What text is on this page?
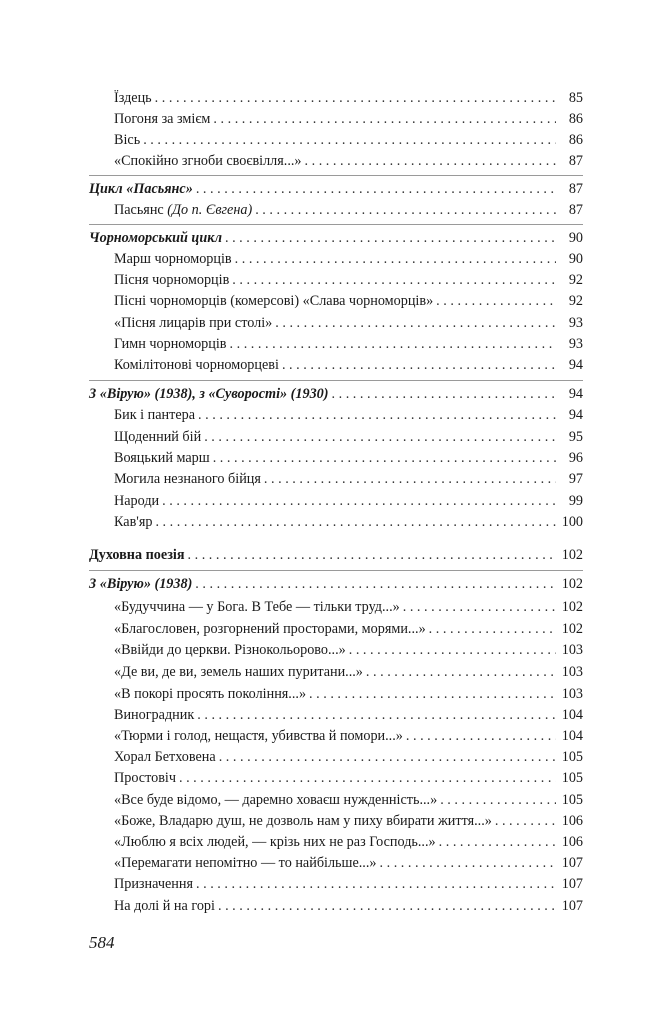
Їздець . . .	85
Погоня за змієм . . .	86
Вісь . . .	86
«Спокійно згноби своєвілля...» . . .	87
Цикл «Пасьянс» . . .	87
Пасьянс (До п. Євгена) . . .	87
Чорноморський цикл . . .	90
Марш чорноморців . . .	90
Пісня чорноморців . . .	92
Пісні чорноморців (комерсові) «Слава чорноморців» . . .	92
«Пісня лицарів при столі» . . .	93
Гимн чорноморців . . .	93
Комілітонові чорноморцеві . . .	94
З «Вірую» (1938), з «Суворості» (1930) . . .	94
Бик і пантера . . .	94
Щоденний бій . . .	95
Вояцький марш . . .	96
Могила незнаного бійця . . .	97
Народи . . .	99
Кав'яр . . .	100
Духовна поезія . . .	102
З «Вірую» (1938) . . .	102
«Будуччина — у Бога. В Тебе — тільки труд...» . . .	102
«Благословен, розгорнений просторами, морями...» . . .	102
«Ввійди до церкви. Різнокольорово...» . . .	103
«Де ви, де ви, земель наших пуритани...» . . .	103
«В покорі просять покоління...» . . .	103
Виноградник . . .	104
«Тюрми і голод, нещастя, убивства й помори...» . . .	104
Хорал Бетховена . . .	105
Простовіч . . .	105
«Все буде відомо, — даремно ховаєш нужденність...» . . .	105
«Боже, Владарю душ, не дозволь нам у пиху вбирати життя...» . . .	106
«Люблю я всіх людей, — крізь них не раз Господь...» . . .	106
«Перемагати непомітно — то найбільше...» . . .	107
Призначення . . .	107
На долі й на горі . . .	107
584
